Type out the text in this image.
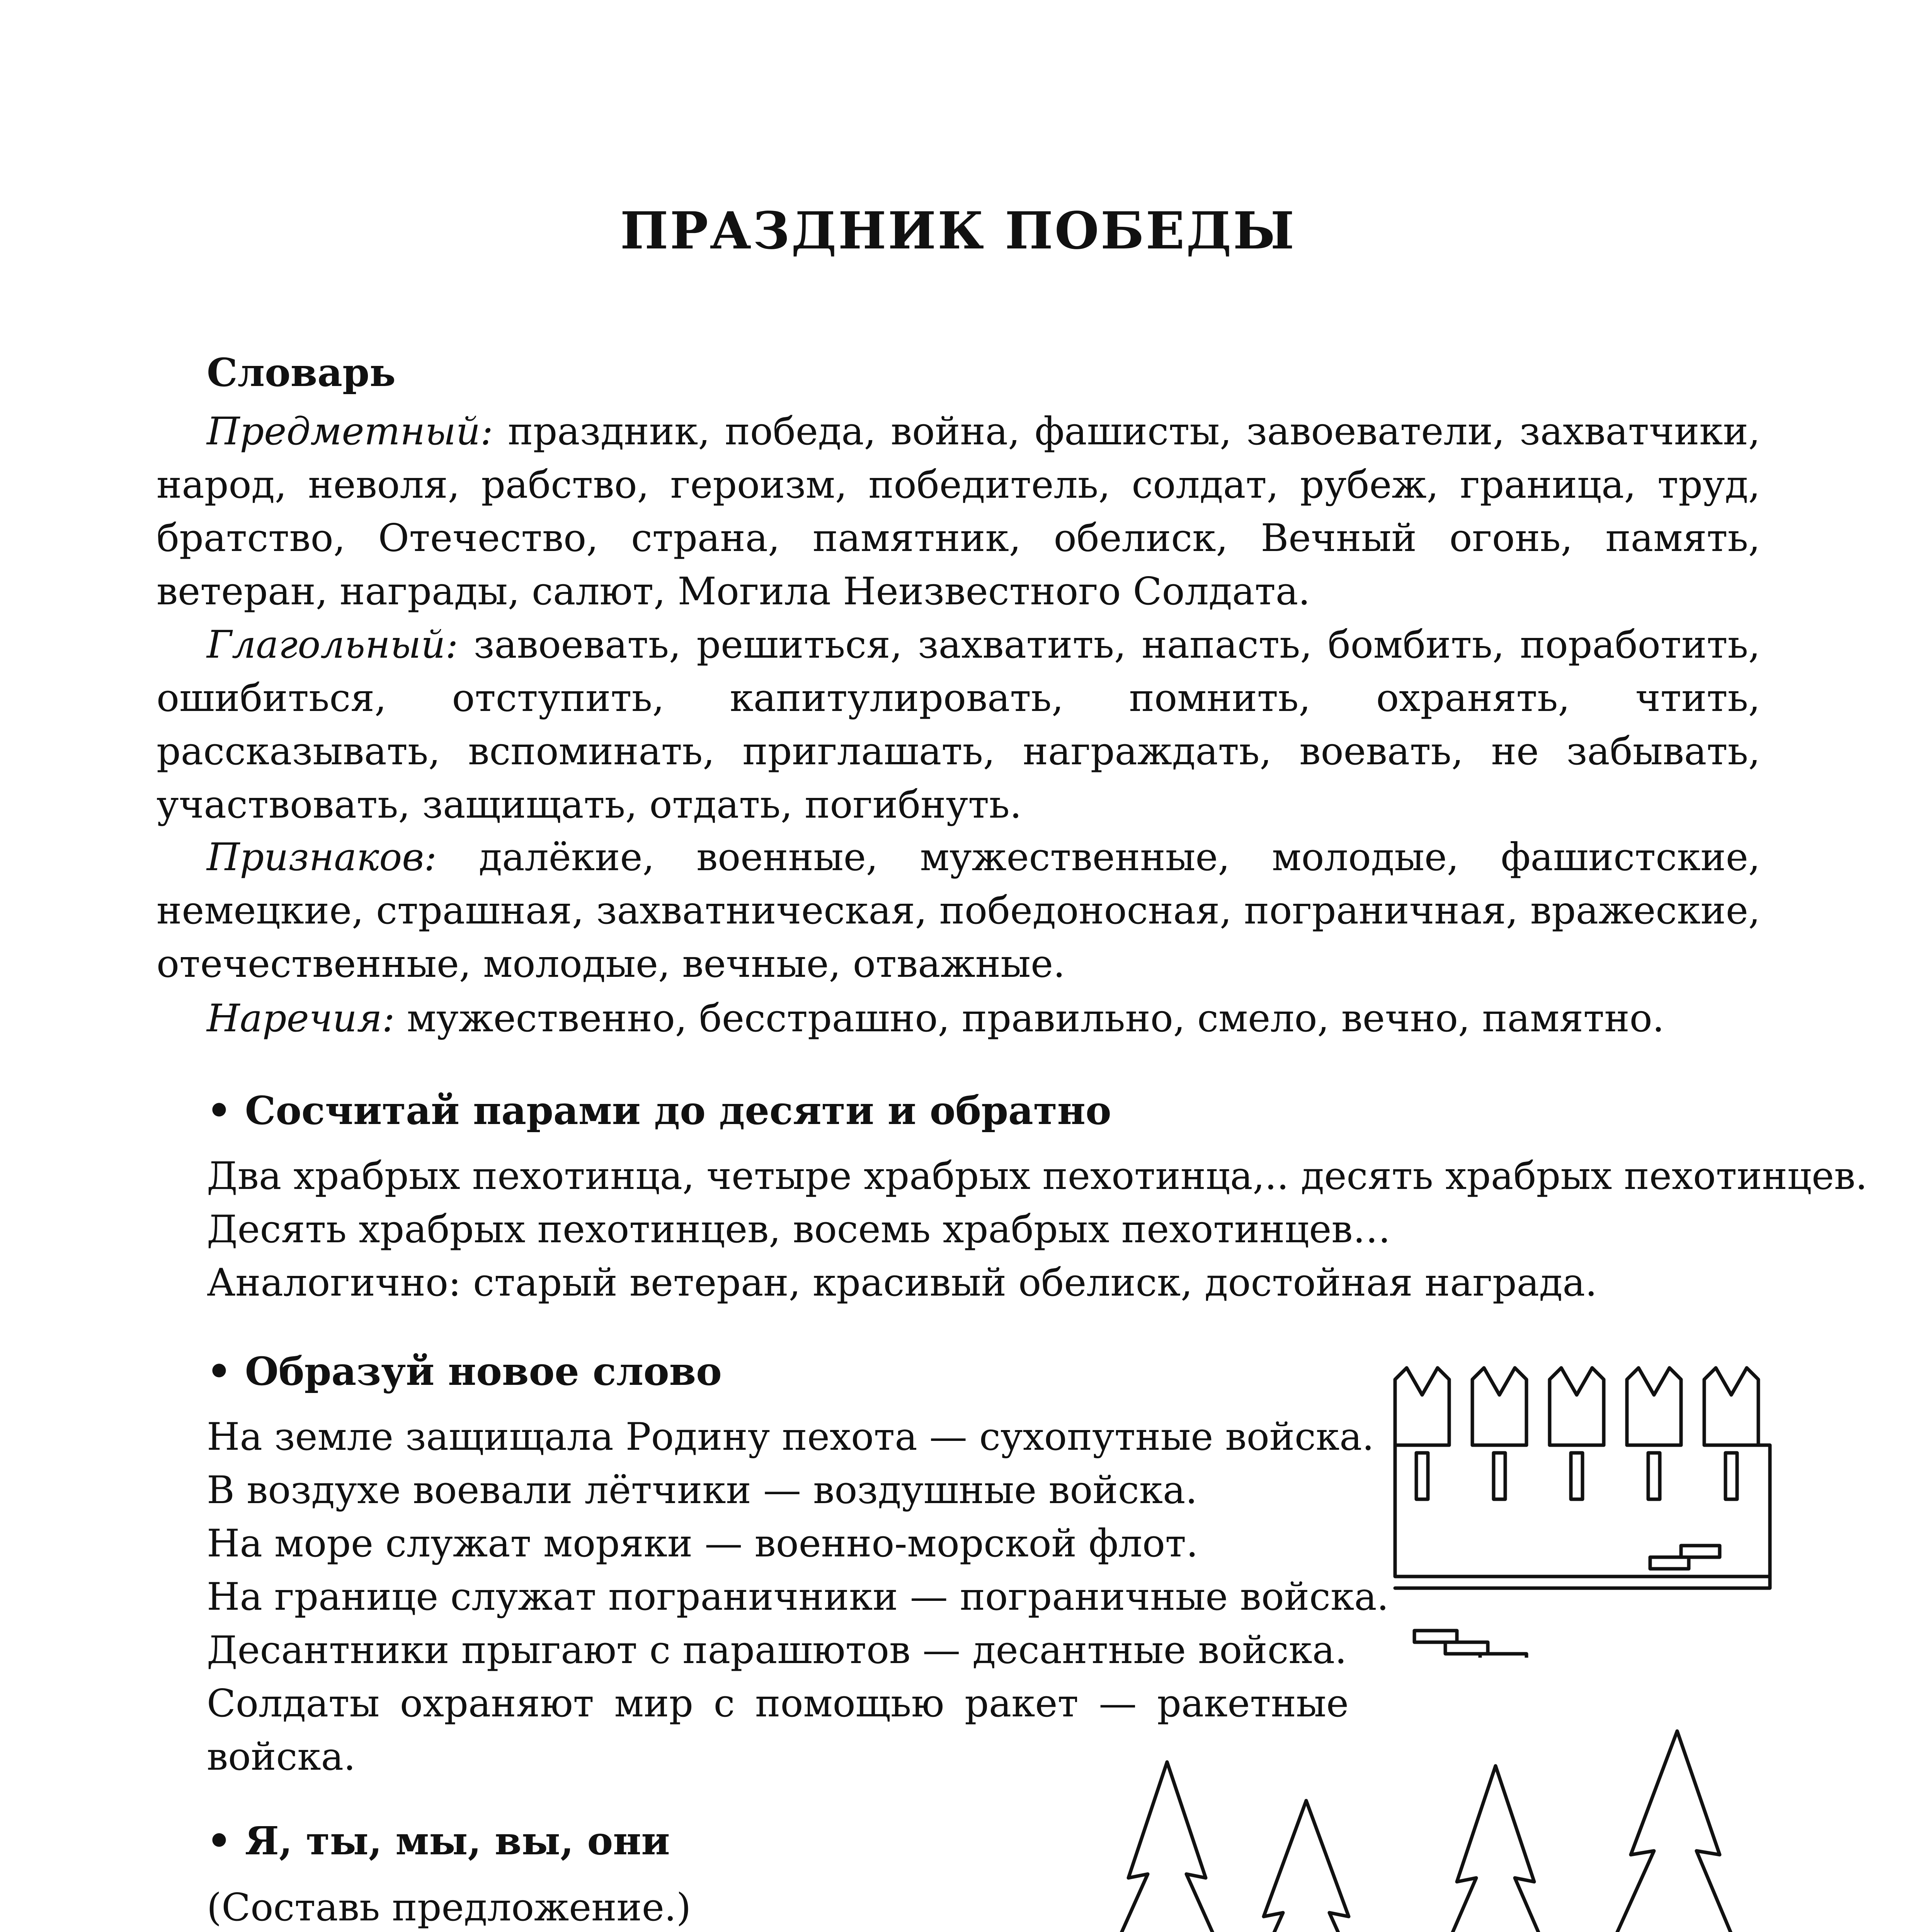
ПРАЗДНИК ПОБЕДЫ
Словарь
Предметный: праздник, победа, война, фашисты, завоеватели, захватчики, народ, неволя, рабство, героизм, победитель, солдат, рубеж, граница, труд, братство, Отечество, страна, памятник, обелиск, Вечный огонь, память, ветеран, награды, салют, Могила Неизвестного Солдата.
Глагольный: завоевать, решиться, захватить, напасть, бомбить, поработить, ошибиться, отступить, капитулировать, помнить, охранять, чтить, рассказывать, вспоминать, приглашать, награждать, воевать, не забывать, участвовать, защищать, отдать, погибнуть.
Признаков: далёкие, военные, мужественные, молодые, фашистские, немецкие, страшная, захватническая, победоносная, пограничная, вражеские, отечественные, молодые, вечные, отважные.
Наречия: мужественно, бесстрашно, правильно, смело, вечно, памятно.
• Сосчитай парами до десяти и обратно
Два храбрых пехотинца, четыре храбрых пехотинца,.. десять храбрых пехотинцев.
Десять храбрых пехотинцев, восемь храбрых пехотинцев…
Аналогично: старый ветеран, красивый обелиск, достойная награда.
• Образуй новое слово
На земле защищала Родину пехота — сухопутные войска.
В воздухе воевали лётчики — воздушные войска.
На море служат моряки — военно-морской флот.
На границе служат пограничники — пограничные войска.
Десантники прыгают с парашютов — десантные войска.
Солдаты охраняют мир с помощью ракет — ракетные войска.
• Я, ты, мы, вы, они
(Составь предложение.)
